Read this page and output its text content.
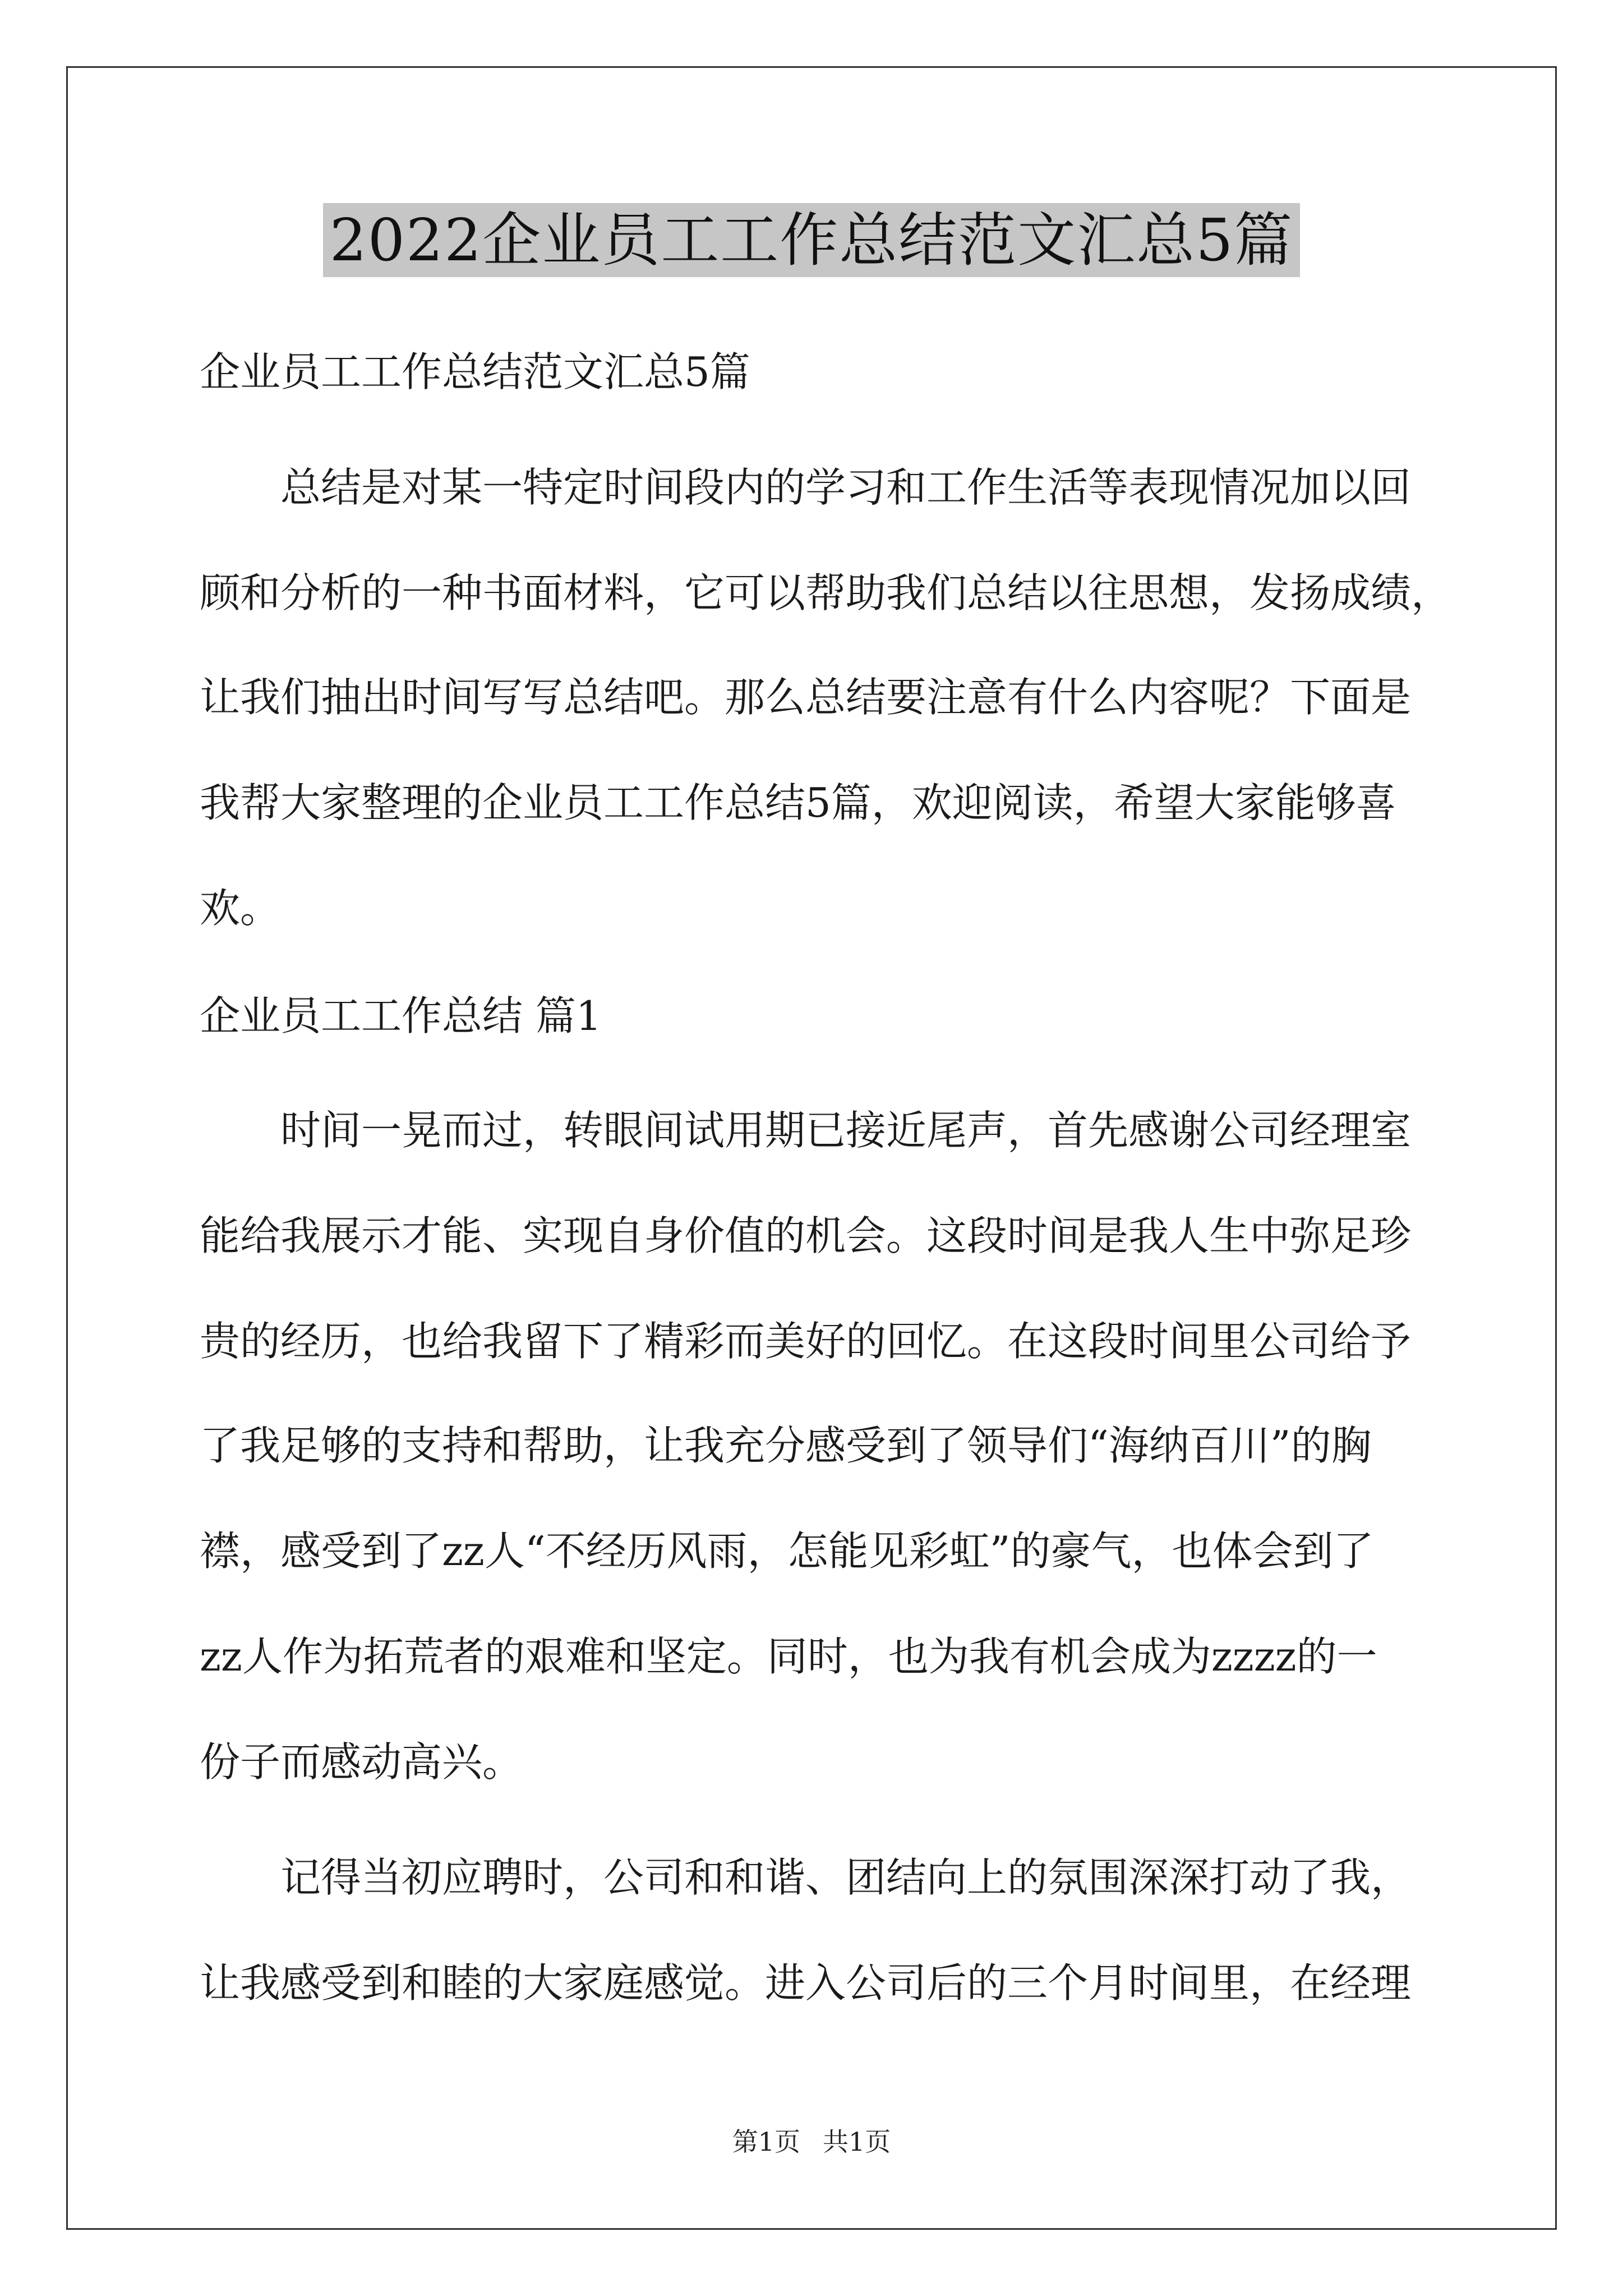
2022企业员工工作总结范文汇总5篇
企业员工工作总结范文汇总5篇
总结是对某一特定时间段内的学习和工作生活等表现情况加以回
顾和分析的一种书面材料，它可以帮助我们总结以往思想，发扬成绩，
让我们抽出时间写写总结吧。那么总结要注意有什么内容呢？下面是
我帮大家整理的企业员工工作总结5篇，欢迎阅读，希望大家能够喜
欢。
企业员工工作总结 篇1
时间一晃而过，转眼间试用期已接近尾声，首先感谢公司经理室
能给我展示才能、实现自身价值的机会。这段时间是我人生中弥足珍
贵的经历，也给我留下了精彩而美好的回忆。在这段时间里公司给予
了我足够的支持和帮助，让我充分感受到了领导们“海纳百川”的胸
襟，感受到了zz人“不经历风雨，怎能见彩虹”的豪气，也体会到了
zz人作为拓荒者的艰难和坚定。同时，也为我有机会成为zzzz的一
份子而感动高兴。
记得当初应聘时，公司和和谐、团结向上的氛围深深打动了我，
让我感受到和睦的大家庭感觉。进入公司后的三个月时间里，在经理
第1页 共1页
